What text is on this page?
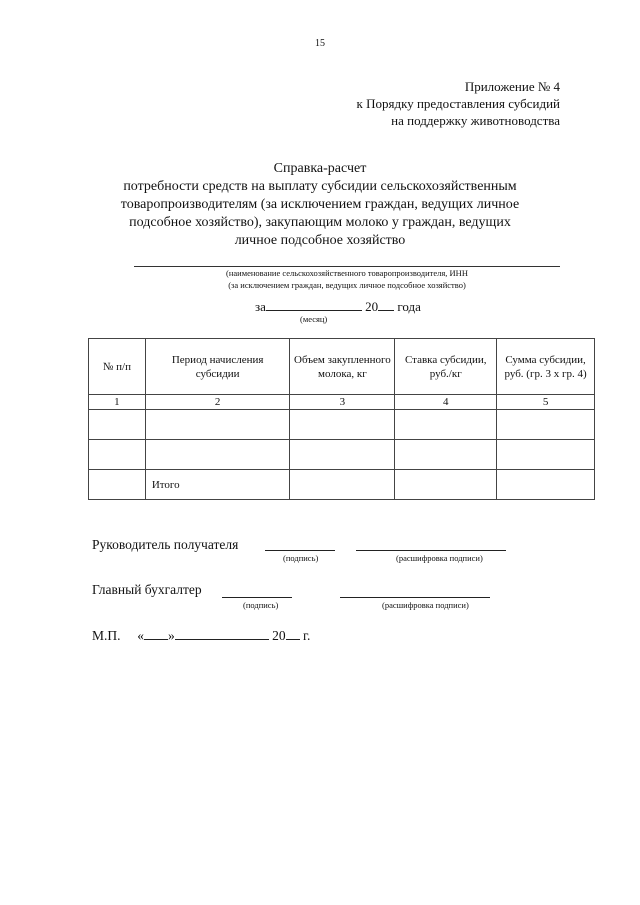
15
Приложение № 4
к Порядку предоставления субсидий
на поддержку животноводства
Справка-расчет
потребности средств на выплату субсидии сельскохозяйственным
товаропроизводителям (за исключением граждан, ведущих личное
подсобное хозяйство), закупающим молоко у граждан, ведущих
личное подсобное хозяйство
(наименование сельскохозяйственного товаропроизводителя, ИНН
(за исключением граждан, ведущих личное подсобное хозяйство)
за	20 года
(месяц)
№ п/п	Период начисления субсидии	Объем закупленного молока, кг	Ставка субсидии, руб./кг	Сумма субсидии, руб. (гр. 3 х гр. 4)
1	2	3	4	5

	Итого			
Руководитель получателя
(подпись)	(расшифровка подписи)
Главный бухгалтер
(подпись)	(расшифровка подписи)
М.П. « »	20 г.
